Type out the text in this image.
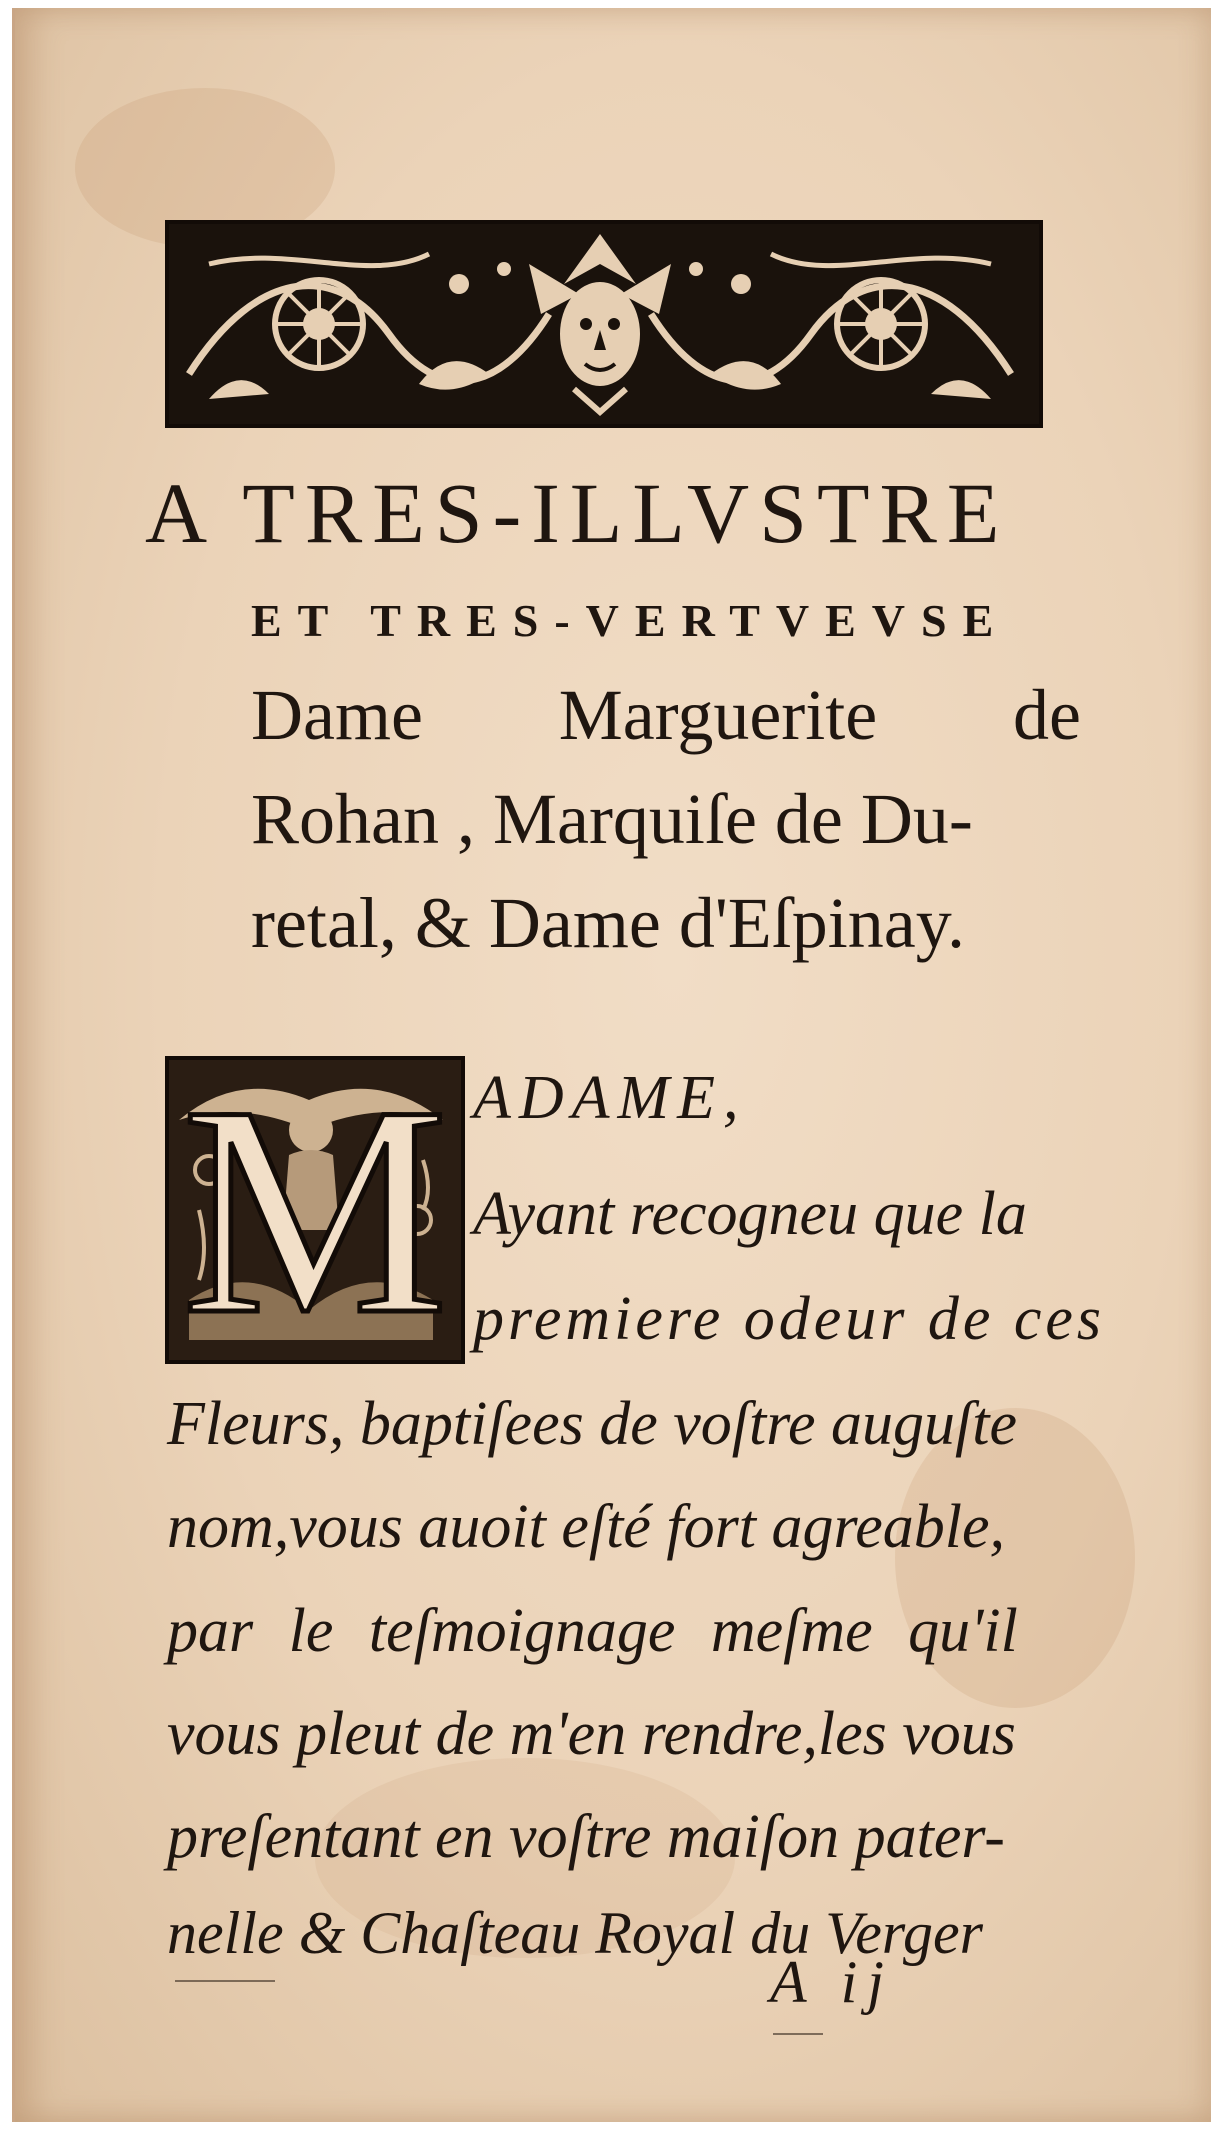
A TRES-ILLVSTRE
ET TRES-VERTVEVSE
Dame Marguerite de
Rohan , Marquiſe de Du-
retal, & Dame d'Eſpinay.
M ADAME,
Ayant recogneu que la
premiere odeur de ces
Fleurs, baptiſees de voſtre auguſte
nom,vous auoit eſté fort agreable,
par le teſmoignage meſme qu'il
vous pleut de m'en rendre,les vous
preſentant en voſtre maiſon pater-
nelle & Chaſteau Royal du Verger
A ij
